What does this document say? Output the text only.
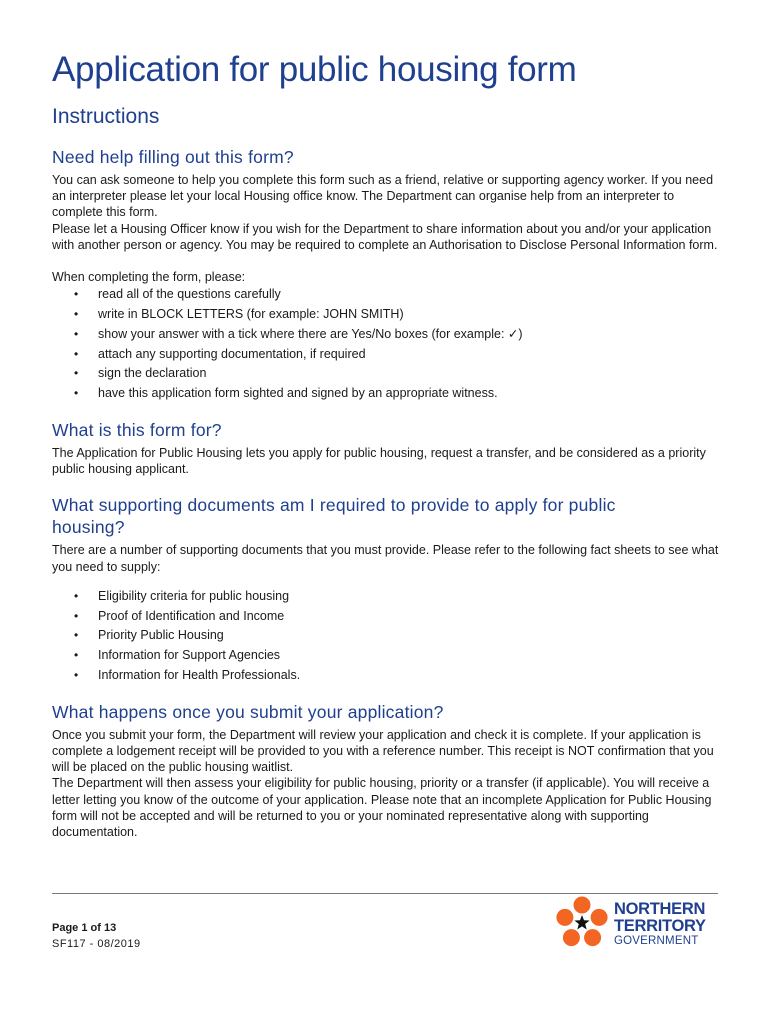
Application for public housing form
Instructions
Need help filling out this form?

You can ask someone to help you complete this form such as a friend, relative or supporting agency worker. If you need an interpreter please let your local Housing office know. The Department can organise help from an interpreter to complete this form.

Please let a Housing Officer know if you wish for the Department to share information about you and/or your application with another person or agency. You may be required to complete an Authorisation to Disclose Personal Information form.

When completing the form, please:

• read all of the questions carefully
• write in BLOCK LETTERS (for example: JOHN SMITH)
• show your answer with a tick where there are Yes/No boxes (for example: ✓)
• attach any supporting documentation, if required
• sign the declaration
• have this application form sighted and signed by an appropriate witness.
What is this form for?

The Application for Public Housing lets you apply for public housing, request a transfer, and be considered as a priority public housing applicant.

What supporting documents am I required to provide to apply for public housing?

There are a number of supporting documents that you must provide. Please refer to the following fact sheets to see what you need to supply:

• Eligibility criteria for public housing
• Proof of Identification and Income
• Priority Public Housing
• Information for Support Agencies
• Information for Health Professionals.
What happens once you submit your application?

Once you submit your form, the Department will review your application and check it is complete. If your application is complete a lodgement receipt will be provided to you with a reference number. This receipt is NOT confirmation that you will be placed on the public housing waitlist.

The Department will then assess your eligibility for public housing, priority or a transfer (if applicable). You will receive a letter letting you know of the outcome of your application. Please note that an incomplete Application for Public Housing form will not be accepted and will be returned to you or your nominated representative along with supporting documentation.

Page 1 of 13
SF117 - 08/2019
NORTHERN
TERRITORY
GOVERNMENT
